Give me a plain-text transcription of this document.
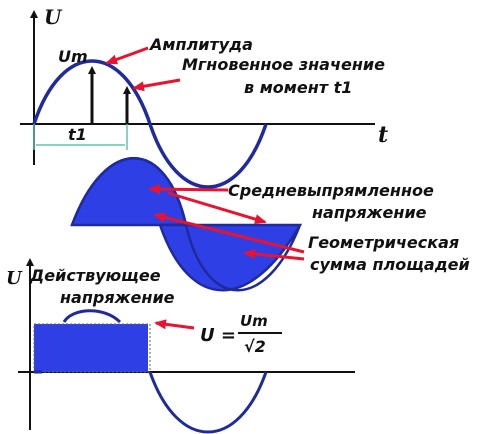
U
t
Um
t1
Амплитуда
Мгновенное значение
в момент t1
Средневыпрямленное
напряжение
Геометрическая
сумма площадей
U Действующее
напряжение
U =
Um
√2
